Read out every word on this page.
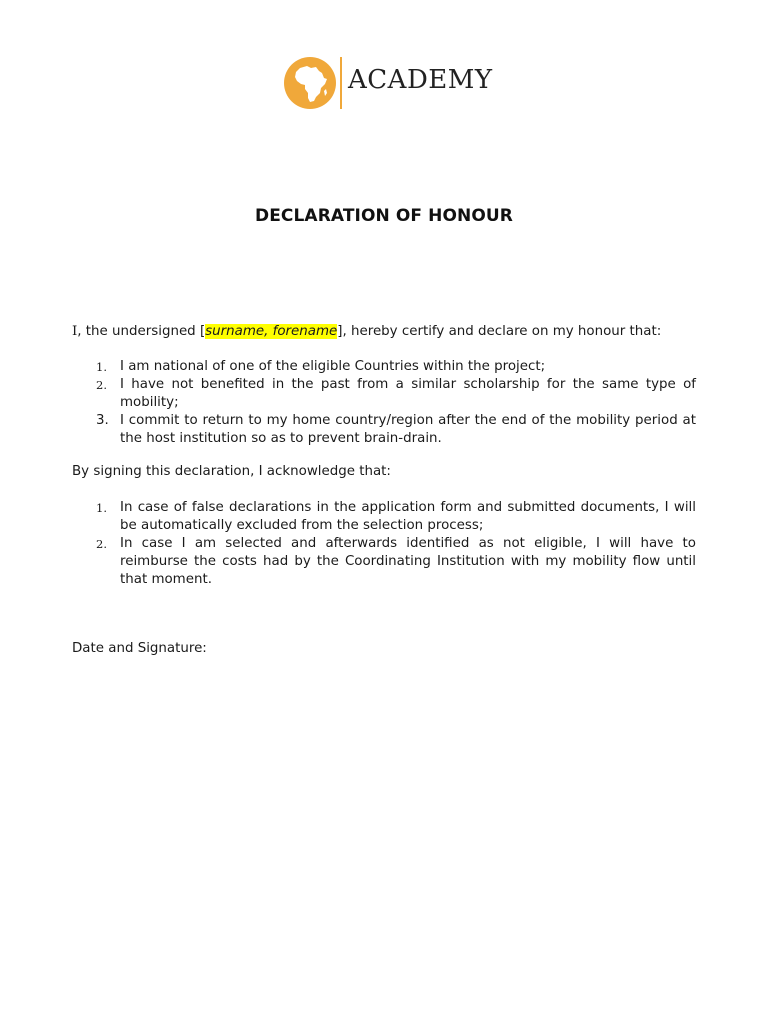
ACADEMY
DECLARATION OF HONOUR
I, the undersigned [surname, forename], hereby certify and declare on my honour that:
1. I am national of one of the eligible Countries within the project;
2. I have not benefited in the past from a similar scholarship for the same type of mobility;
3. I commit to return to my home country/region after the end of the mobility period at the host institution so as to prevent brain-drain.
By signing this declaration, I acknowledge that:
1. In case of false declarations in the application form and submitted documents, I will be automatically excluded from the selection process;
2. In case I am selected and afterwards identified as not eligible, I will have to reimburse the costs had by the Coordinating Institution with my mobility flow until that moment.
Date and Signature:
